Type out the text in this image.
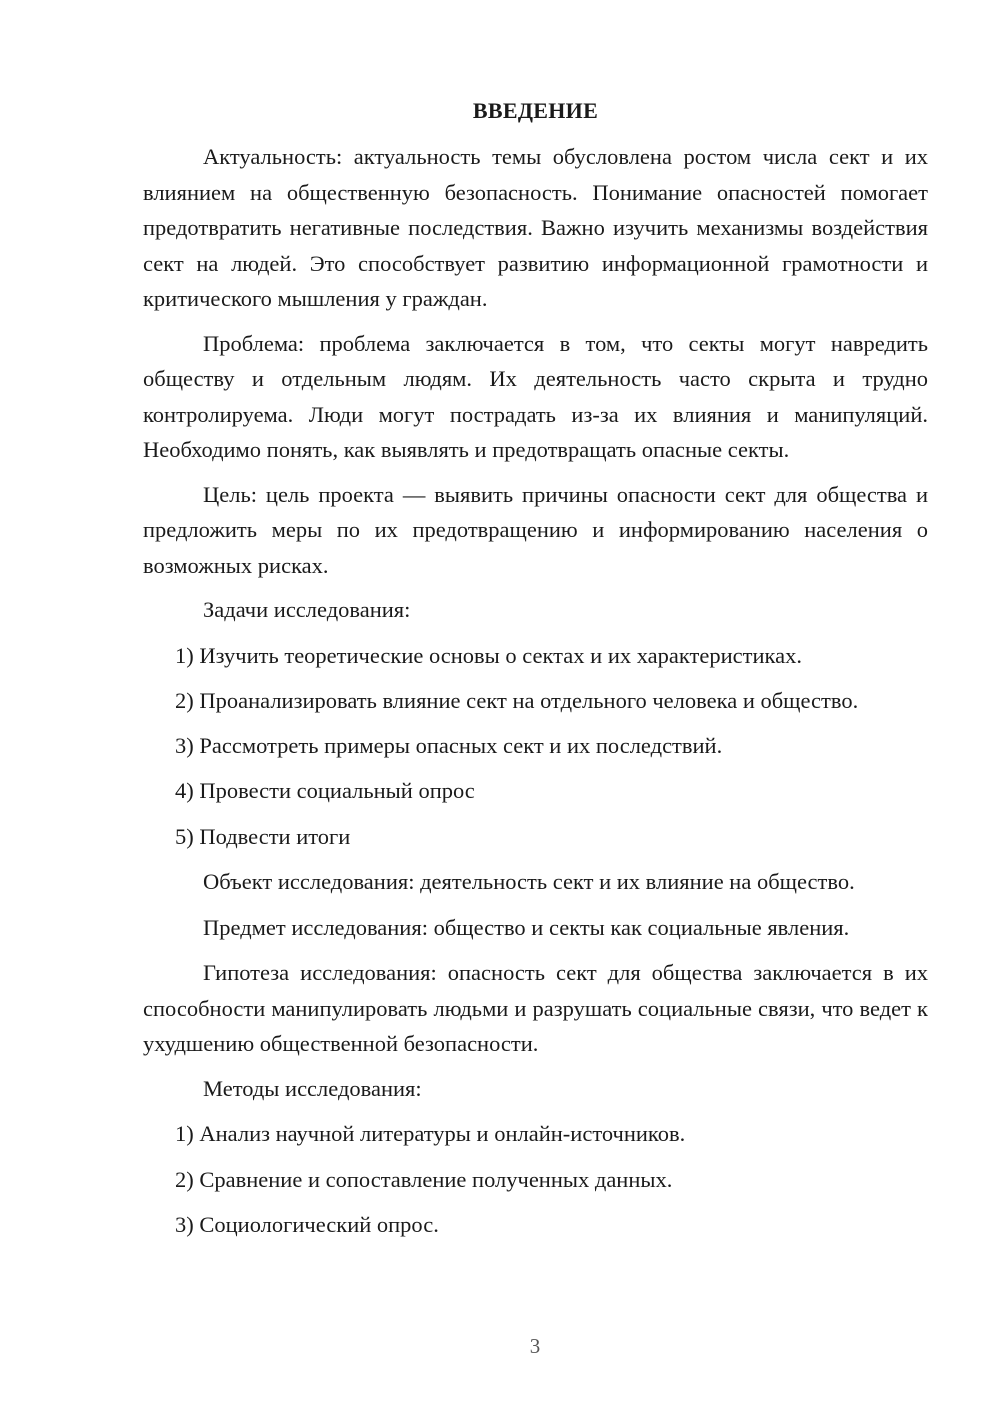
ВВЕДЕНИЕ

Актуальность: актуальность темы обусловлена ростом числа сект и их влиянием на общественную безопасность. Понимание опасностей помогает предотвратить негативные последствия. Важно изучить механизмы воздействия сект на людей. Это способствует развитию информационной грамотности и критического мышления у граждан.

Проблема: проблема заключается в том, что секты могут навредить обществу и отдельным людям. Их деятельность часто скрыта и трудно контролируема. Люди могут пострадать из-за их влияния и манипуляций. Необходимо понять, как выявлять и предотвращать опасные секты.

Цель: цель проекта — выявить причины опасности сект для общества и предложить меры по их предотвращению и информированию населения о возможных рисках.

Задачи исследования:

1) Изучить теоретические основы о сектах и их характеристиках.

2) Проанализировать влияние сект на отдельного человека и общество.

3) Рассмотреть примеры опасных сект и их последствий.

4) Провести социальный опрос

5) Подвести итоги

Объект исследования: деятельность сект и их влияние на общество.

Предмет исследования: общество и секты как социальные явления.

Гипотеза исследования: опасность сект для общества заключается в их способности манипулировать людьми и разрушать социальные связи, что ведет к ухудшению общественной безопасности.

Методы исследования:

1) Анализ научной литературы и онлайн-источников.

2) Сравнение и сопоставление полученных данных.

3) Социологический опрос.

3
